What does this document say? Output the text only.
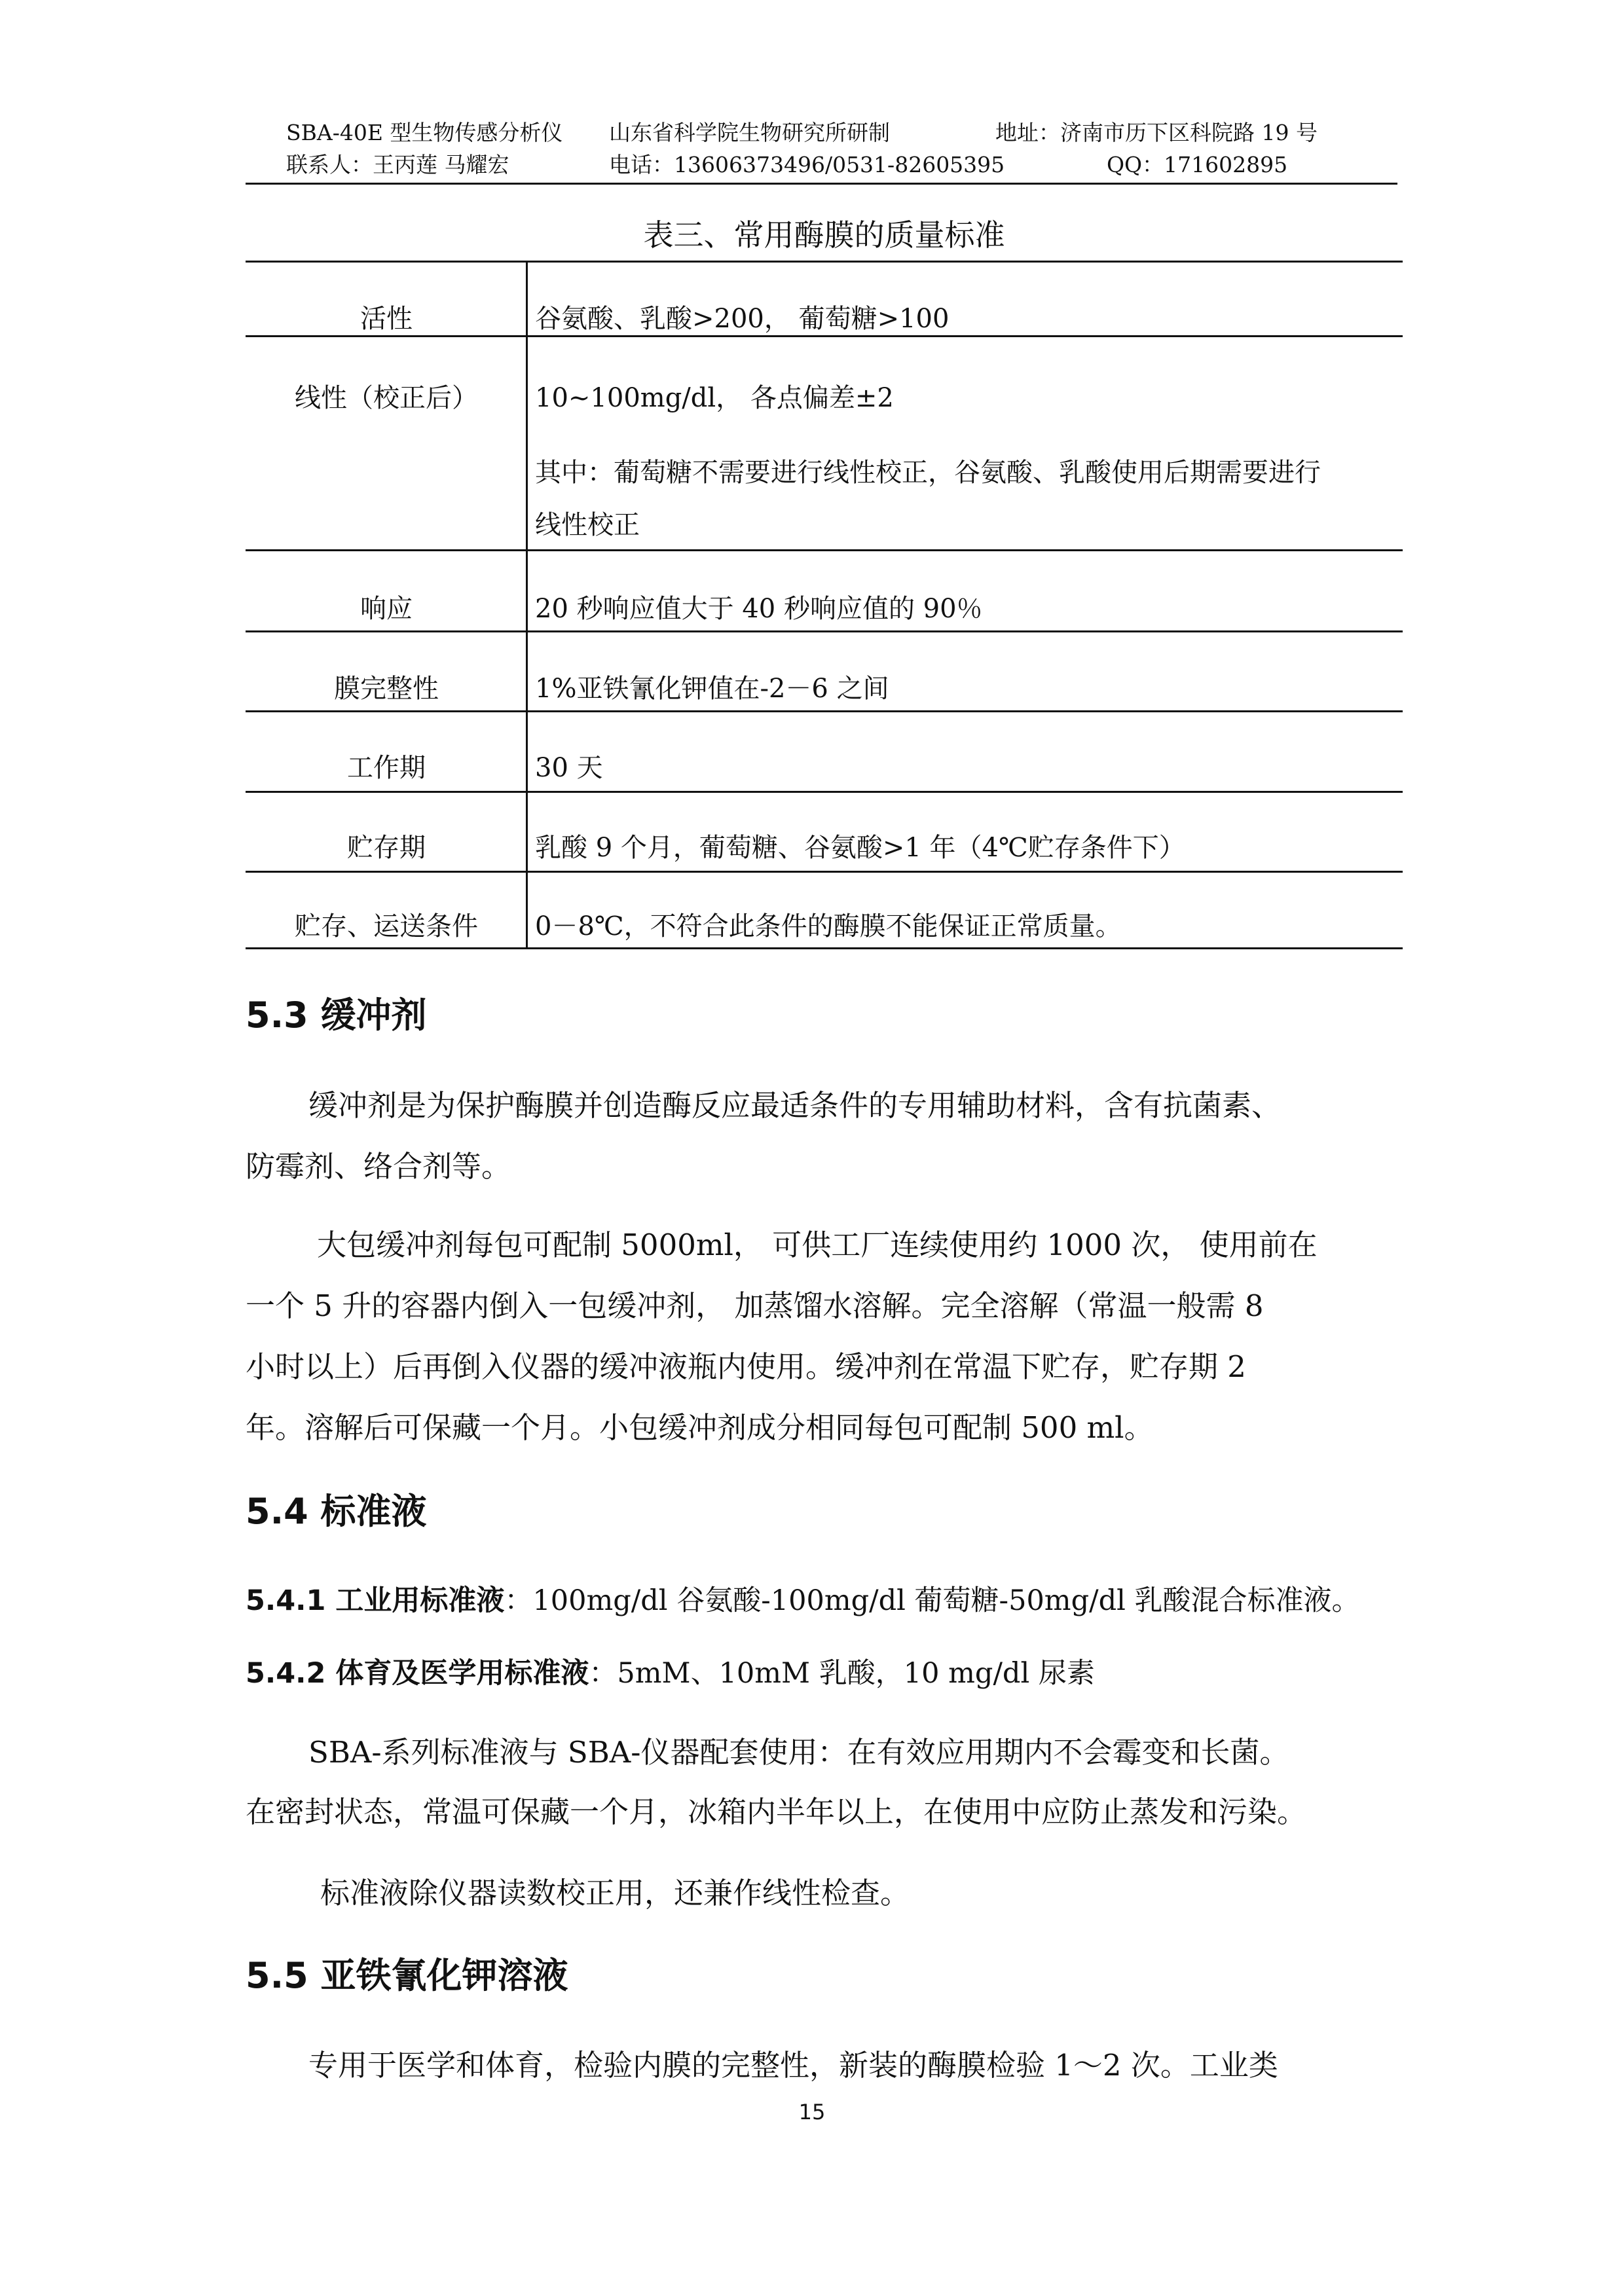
SBA-40E 型生物传感分析仪 山东省科学院生物研究所研制	地址：济南市历下区科院路 19 号
联系人：王丙莲 马耀宏	电话：13606373496/0531-82605395	QQ：171602895
表三、常用酶膜的质量标准
活性	谷氨酸、乳酸>200， 葡萄糖>100
线性（校正后）	10~100mg/dl， 各点偏差±2
其中：葡萄糖不需要进行线性校正，谷氨酸、乳酸使用后期需要进行
线性校正
响应	20 秒响应值大于 40 秒响应值的 90％
膜完整性	1%亚铁氰化钾值在-2－6 之间
工作期	30 天
贮存期	乳酸 9 个月，葡萄糖、谷氨酸>1 年（4℃贮存条件下）
贮存、运送条件	0－8℃，不符合此条件的酶膜不能保证正常质量。
5.3 缓冲剂
缓冲剂是为保护酶膜并创造酶反应最适条件的专用辅助材料，含有抗菌素、
防霉剂、络合剂等。
大包缓冲剂每包可配制 5000ml， 可供工厂连续使用约 1000 次， 使用前在
一个 5 升的容器内倒入一包缓冲剂， 加蒸馏水溶解。完全溶解（常温一般需 8
小时以上）后再倒入仪器的缓冲液瓶内使用。缓冲剂在常温下贮存，贮存期 2
年。溶解后可保藏一个月。小包缓冲剂成分相同每包可配制 500 ml。
5.4 标准液
5.4.1 工业用标准液：100mg/dl 谷氨酸-100mg/dl 葡萄糖-50mg/dl 乳酸混合标准液。
5.4.2 体育及医学用标准液：5mM、10mM 乳酸，10 mg/dl 尿素
SBA-系列标准液与 SBA-仪器配套使用：在有效应用期内不会霉变和长菌。
在密封状态，常温可保藏一个月，冰箱内半年以上，在使用中应防止蒸发和污染。
标准液除仪器读数校正用，还兼作线性检查。
5.5 亚铁氰化钾溶液
专用于医学和体育，检验内膜的完整性，新装的酶膜检验 1～2 次。工业类
15
